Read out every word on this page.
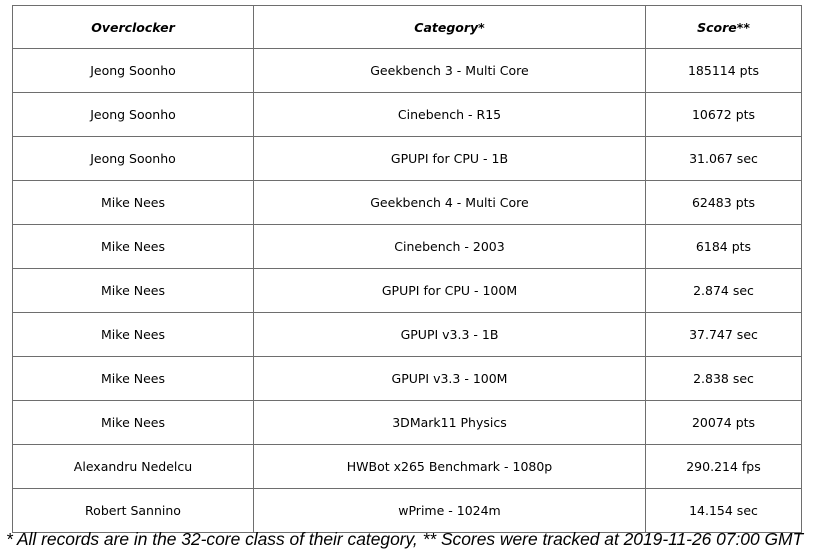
Overclocker	Category*	Score**
Jeong Soonho	Geekbench 3 - Multi Core	185114 pts
Jeong Soonho	Cinebench - R15	10672 pts
Jeong Soonho	GPUPI for CPU - 1B	31.067 sec
Mike Nees	Geekbench 4 - Multi Core	62483 pts
Mike Nees	Cinebench - 2003	6184 pts
Mike Nees	GPUPI for CPU - 100M	2.874 sec
Mike Nees	GPUPI v3.3 - 1B	37.747 sec
Mike Nees	GPUPI v3.3 - 100M	2.838 sec
Mike Nees	3DMark11 Physics	20074 pts
Alexandru Nedelcu	HWBot x265 Benchmark - 1080p	290.214 fps
Robert Sannino	wPrime - 1024m	14.154 sec
* All records are in the 32-core class of their category, ** Scores were tracked at 2019-11-26 07:00 GMT
